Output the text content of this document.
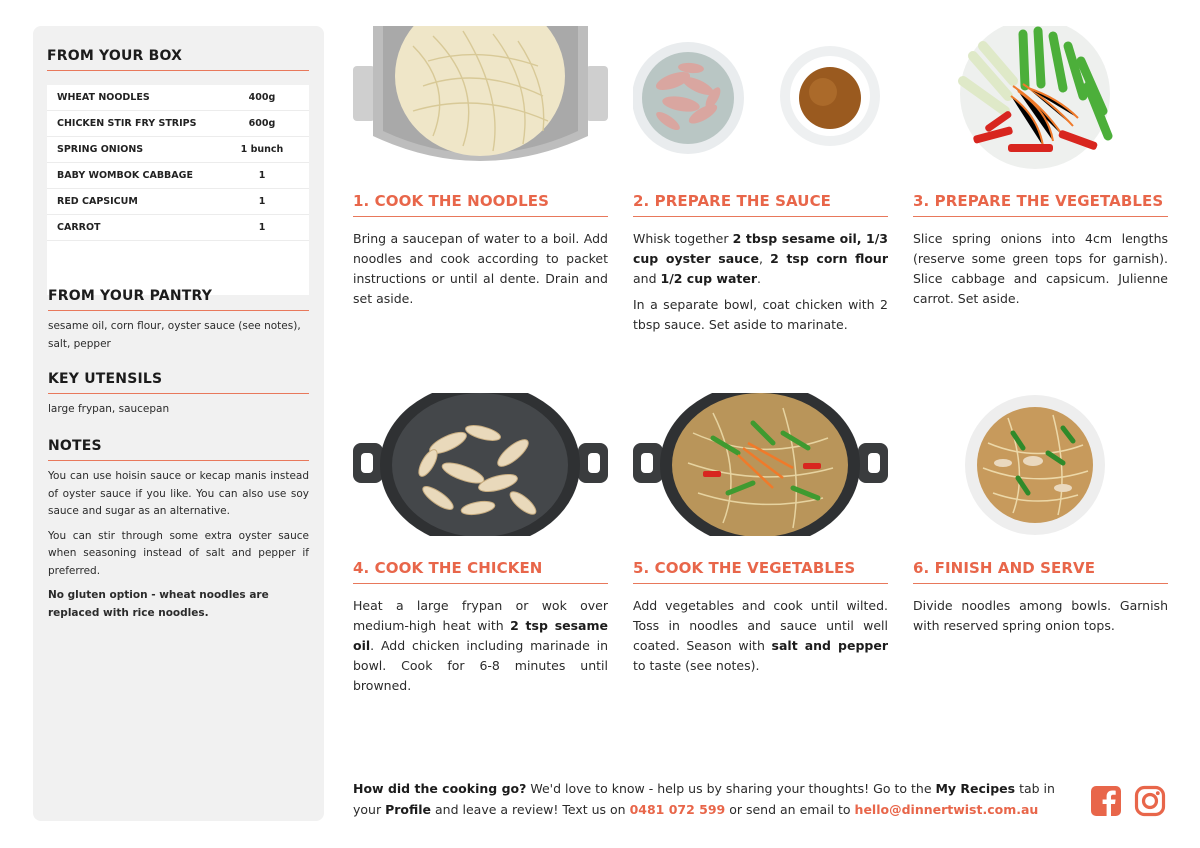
FROM YOUR BOX
WHEAT NOODLES	400g
CHICKEN STIR FRY STRIPS	600g
SPRING ONIONS	1 bunch
BABY WOMBOK CABBAGE	1
RED CAPSICUM	1
CARROT	1
FROM YOUR PANTRY

sesame oil, corn flour, oyster sauce (see notes), salt, pepper

KEY UTENSILS

large frypan, saucepan

NOTES

You can use hoisin sauce or kecap manis instead of oyster sauce if you like. You can also use soy sauce and sugar as an alternative.

You can stir through some extra oyster sauce when seasoning instead of salt and pepper if preferred.

No gluten option - wheat noodles are replaced with rice noodles.

1. COOK THE NOODLES

Bring a saucepan of water to a boil. Add noodles and cook according to packet instructions or until al dente. Drain and set aside.

2. PREPARE THE SAUCE

Whisk together 2 tbsp sesame oil, 1/3 cup oyster sauce, 2 tsp corn flour and 1/2 cup water.

In a separate bowl, coat chicken with 2 tbsp sauce. Set aside to marinate.

3. PREPARE THE VEGETABLES

Slice spring onions into 4cm lengths (reserve some green tops for garnish). Slice cabbage and capsicum. Julienne carrot. Set aside.

4. COOK THE CHICKEN

Heat a large frypan or wok over medium-high heat with 2 tsp sesame oil. Add chicken including marinade in bowl. Cook for 6-8 minutes until browned.

5. COOK THE VEGETABLES

Add vegetables and cook until wilted. Toss in noodles and sauce until well coated. Season with salt and pepper to taste (see notes).

6. FINISH AND SERVE

Divide noodles among bowls. Garnish with reserved spring onion tops.

How did the cooking go? We'd love to know - help us by sharing your thoughts! Go to the My Recipes tab in your Profile and leave a review! Text us on 0481 072 599 or send an email to hello@dinnertwist.com.au
